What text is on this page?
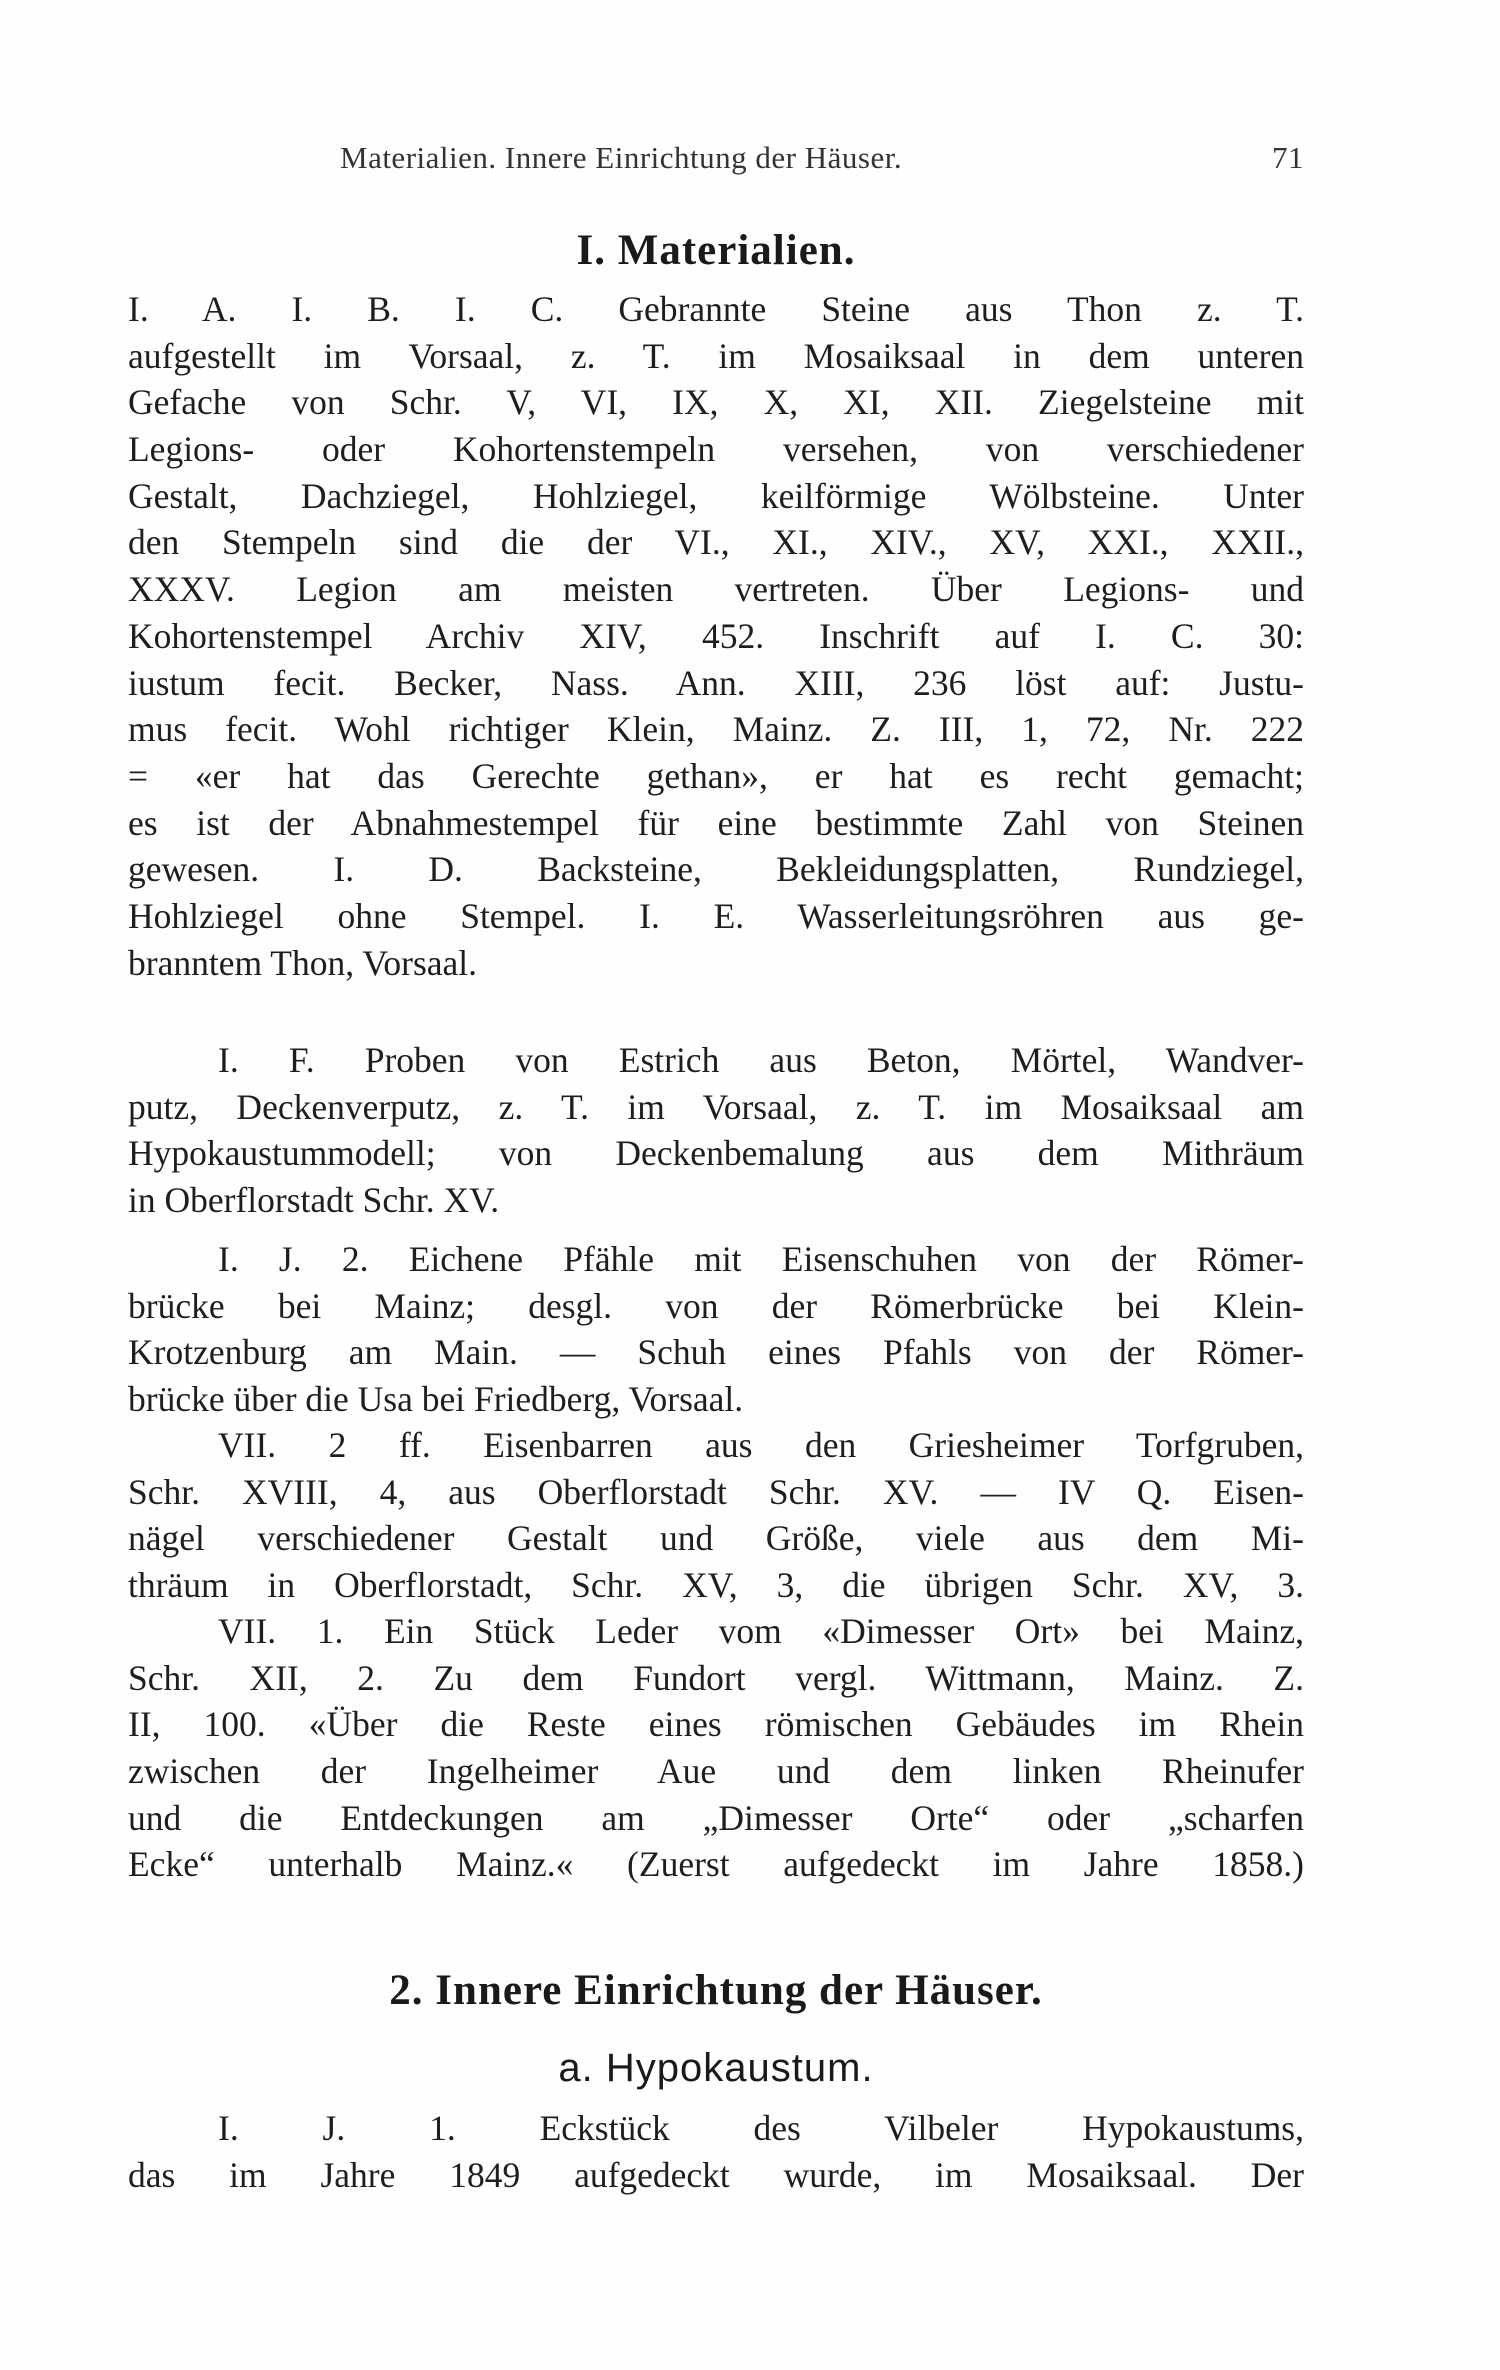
Materialien. Innere Einrichtung der Häuser.	71
I. Materialien.
I. A. I. B. I. C. Gebrannte Steine aus Thon z. T.
aufgestellt im Vorsaal, z. T. im Mosaiksaal in dem unteren
Gefache von Schr. V, VI, IX, X, XI, XII. Ziegelsteine mit
Legions- oder Kohortenstempeln versehen, von verschiedener
Gestalt, Dachziegel, Hohlziegel, keilförmige Wölbsteine. Unter
den Stempeln sind die der VI., XI., XIV., XV, XXI., XXII.,
XXXV. Legion am meisten vertreten. Über Legions- und
Kohortenstempel Archiv XIV, 452. Inschrift auf I. C. 30:
iustum fecit. Becker, Nass. Ann. XIII, 236 löst auf: Justu-
mus fecit. Wohl richtiger Klein, Mainz. Z. III, 1, 72, Nr. 222
= «er hat das Gerechte gethan», er hat es recht gemacht;
es ist der Abnahmestempel für eine bestimmte Zahl von Steinen
gewesen. I. D. Backsteine, Bekleidungsplatten, Rundziegel,
Hohlziegel ohne Stempel. I. E. Wasserleitungsröhren aus ge-
branntem Thon, Vorsaal.
I. F. Proben von Estrich aus Beton, Mörtel, Wandver-
putz, Deckenverputz, z. T. im Vorsaal, z. T. im Mosaiksaal am
Hypokaustummodell; von Deckenbemalung aus dem Mithräum
in Oberflorstadt Schr. XV.
I. J. 2. Eichene Pfähle mit Eisenschuhen von der Römer-
brücke bei Mainz; desgl. von der Römerbrücke bei Klein-
Krotzenburg am Main. — Schuh eines Pfahls von der Römer-
brücke über die Usa bei Friedberg, Vorsaal.
VII. 2 ff. Eisenbarren aus den Griesheimer Torfgruben,
Schr. XVIII, 4, aus Oberflorstadt Schr. XV. — IV Q. Eisen-
nägel verschiedener Gestalt und Größe, viele aus dem Mi-
thräum in Oberflorstadt, Schr. XV, 3, die übrigen Schr. XV, 3.
VII. 1. Ein Stück Leder vom «Dimesser Ort» bei Mainz,
Schr. XII, 2. Zu dem Fundort vergl. Wittmann, Mainz. Z.
II, 100. «Über die Reste eines römischen Gebäudes im Rhein
zwischen der Ingelheimer Aue und dem linken Rheinufer
und die Entdeckungen am „Dimesser Orte“ oder „scharfen
Ecke“ unterhalb Mainz.« (Zuerst aufgedeckt im Jahre 1858.)
2. Innere Einrichtung der Häuser.
a. Hypokaustum.
I. J. 1. Eckstück des Vilbeler Hypokaustums,
das im Jahre 1849 aufgedeckt wurde, im Mosaiksaal. Der
